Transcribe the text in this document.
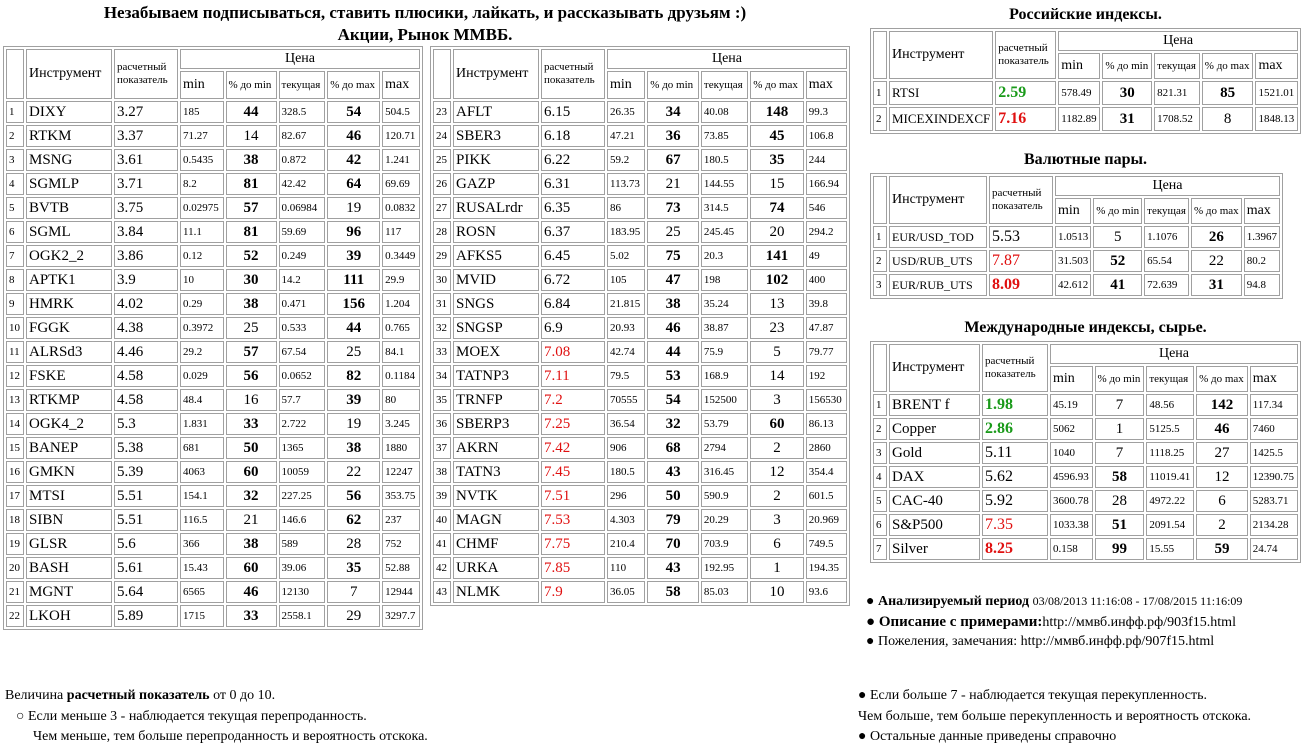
Незабываем подписываться, ставить плюсики, лайкать, и рассказывать друзьям :)
Акции, Рынок ММВБ.
	Инструмент	расчетный показатель	Цена				
			min	% до min	текущая	% до max	max
1	DIXY	3.27	185	44	328.5	54	504.5
2	RTKM	3.37	71.27	14	82.67	46	120.71
3	MSNG	3.61	0.5435	38	0.872	42	1.241
4	SGMLP	3.71	8.2	81	42.42	64	69.69
5	BVTB	3.75	0.02975	57	0.06984	19	0.0832
6	SGML	3.84	11.1	81	59.69	96	117
7	OGK2_2	3.86	0.12	52	0.249	39	0.3449
8	APTK1	3.9	10	30	14.2	111	29.9
9	HMRK	4.02	0.29	38	0.471	156	1.204
10	FGGK	4.38	0.3972	25	0.533	44	0.765
11	ALRSd3	4.46	29.2	57	67.54	25	84.1
12	FSKE	4.58	0.029	56	0.0652	82	0.1184
13	RTKMP	4.58	48.4	16	57.7	39	80
14	OGK4_2	5.3	1.831	33	2.722	19	3.245
15	BANEP	5.38	681	50	1365	38	1880
16	GMKN	5.39	4063	60	10059	22	12247
17	MTSI	5.51	154.1	32	227.25	56	353.75
18	SIBN	5.51	116.5	21	146.6	62	237
19	GLSR	5.6	366	38	589	28	752
20	BASH	5.61	15.43	60	39.06	35	52.88
21	MGNT	5.64	6565	46	12130	7	12944
22	LKOH	5.89	1715	33	2558.1	29	3297.7
	Инструмент	расчетный показатель	Цена				
			min	% до min	текущая	% до max	max
23	AFLT	6.15	26.35	34	40.08	148	99.3
24	SBER3	6.18	47.21	36	73.85	45	106.8
25	PIKK	6.22	59.2	67	180.5	35	244
26	GAZP	6.31	113.73	21	144.55	15	166.94
27	RUSALrdr	6.35	86	73	314.5	74	546
28	ROSN	6.37	183.95	25	245.45	20	294.2
29	AFKS5	6.45	5.02	75	20.3	141	49
30	MVID	6.72	105	47	198	102	400
31	SNGS	6.84	21.815	38	35.24	13	39.8
32	SNGSP	6.9	20.93	46	38.87	23	47.87
33	MOEX	7.08	42.74	44	75.9	5	79.77
34	TATNP3	7.11	79.5	53	168.9	14	192
35	TRNFP	7.2	70555	54	152500	3	156530
36	SBERP3	7.25	36.54	32	53.79	60	86.13
37	AKRN	7.42	906	68	2794	2	2860
38	TATN3	7.45	180.5	43	316.45	12	354.4
39	NVTK	7.51	296	50	590.9	2	601.5
40	MAGN	7.53	4.303	79	20.29	3	20.969
41	CHMF	7.75	210.4	70	703.9	6	749.5
42	URKA	7.85	110	43	192.95	1	194.35
43	NLMK	7.9	36.05	58	85.03	10	93.6
Российские индексы.
	Инструмент	расчетный показатель	Цена				
			min	% до min	текущая	% до max	max
1	RTSI	2.59	578.49	30	821.31	85	1521.01
2	MICEXINDEXCF	7.16	1182.89	31	1708.52	8	1848.13
Валютные пары.
	Инструмент	расчетный показатель	Цена				
			min	% до min	текущая	% до max	max
1	EUR/USD_TOD	5.53	1.0513	5	1.1076	26	1.3967
2	USD/RUB_UTS	7.87	31.503	52	65.54	22	80.2
3	EUR/RUB_UTS	8.09	42.612	41	72.639	31	94.8
Международные индексы, сырье.
	Инструмент	расчетный показатель	Цена				
			min	% до min	текущая	% до max	max
1	BRENT f	1.98	45.19	7	48.56	142	117.34
2	Copper	2.86	5062	1	5125.5	46	7460
3	Gold	5.11	1040	7	1118.25	27	1425.5
4	DAX	5.62	4596.93	58	11019.41	12	12390.75
5	CAC-40	5.92	3600.78	28	4972.22	6	5283.71
6	S&P500	7.35	1033.38	51	2091.54	2	2134.28
7	Silver	8.25	0.158	99	15.55	59	24.74
● Анализируемый период 03/08/2013 11:16:08 - 17/08/2015 11:16:09
● Описание с примерами:http://ммвб.инфф.рф/903f15.html
● Пожеления, замечания: http://ммвб.инфф.рф/907f15.html
Величина расчетный показатель от 0 до 10.
○ Если меньше 3 - наблюдается текущая перепроданность.
Чем меньше, тем больше перепроданность и вероятность отскока.
● Если больше 7 - наблюдается текущая перекупленность.
Чем больше, тем больше перекупленность и вероятность отскока.
● Остальные данные приведены справочно
